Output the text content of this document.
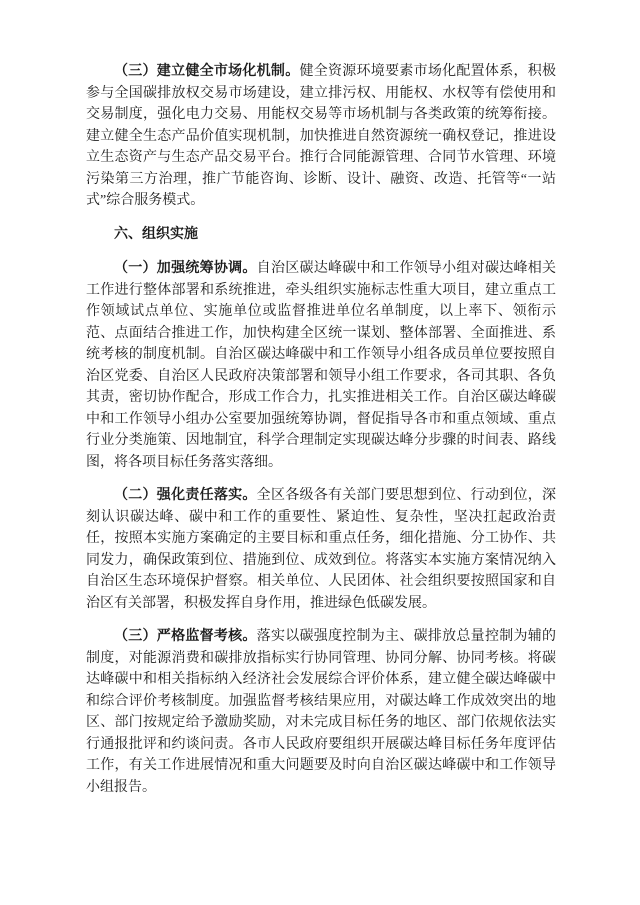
（三）建立健全市场化机制。健全资源环境要素市场化配置体系，积极参与全国碳排放权交易市场建设，建立排污权、用能权、水权等有偿使用和交易制度，强化电力交易、用能权交易等市场机制与各类政策的统筹衔接。建立健全生态产品价值实现机制，加快推进自然资源统一确权登记，推进设立生态资产与生态产品交易平台。推行合同能源管理、合同节水管理、环境污染第三方治理，推广节能咨询、诊断、设计、融资、改造、托管等“一站式”综合服务模式。

六、组织实施

（一）加强统筹协调。自治区碳达峰碳中和工作领导小组对碳达峰相关工作进行整体部署和系统推进，牵头组织实施标志性重大项目，建立重点工作领域试点单位、实施单位或监督推进单位名单制度，以上率下、领衔示范、点面结合推进工作，加快构建全区统一谋划、整体部署、全面推进、系统考核的制度机制。自治区碳达峰碳中和工作领导小组各成员单位要按照自治区党委、自治区人民政府决策部署和领导小组工作要求，各司其职、各负其责，密切协作配合，形成工作合力，扎实推进相关工作。自治区碳达峰碳中和工作领导小组办公室要加强统筹协调，督促指导各市和重点领域、重点行业分类施策、因地制宜，科学合理制定实现碳达峰分步骤的时间表、路线图，将各项目标任务落实落细。

（二）强化责任落实。全区各级各有关部门要思想到位、行动到位，深刻认识碳达峰、碳中和工作的重要性、紧迫性、复杂性，坚决扛起政治责任，按照本实施方案确定的主要目标和重点任务，细化措施、分工协作、共同发力，确保政策到位、措施到位、成效到位。将落实本实施方案情况纳入自治区生态环境保护督察。相关单位、人民团体、社会组织要按照国家和自治区有关部署，积极发挥自身作用，推进绿色低碳发展。

（三）严格监督考核。落实以碳强度控制为主、碳排放总量控制为辅的制度，对能源消费和碳排放指标实行协同管理、协同分解、协同考核。将碳达峰碳中和相关指标纳入经济社会发展综合评价体系，建立健全碳达峰碳中和综合评价考核制度。加强监督考核结果应用，对碳达峰工作成效突出的地区、部门按规定给予激励奖励，对未完成目标任务的地区、部门依规依法实行通报批评和约谈问责。各市人民政府要组织开展碳达峰目标任务年度评估工作，有关工作进展情况和重大问题要及时向自治区碳达峰碳中和工作领导小组报告。
